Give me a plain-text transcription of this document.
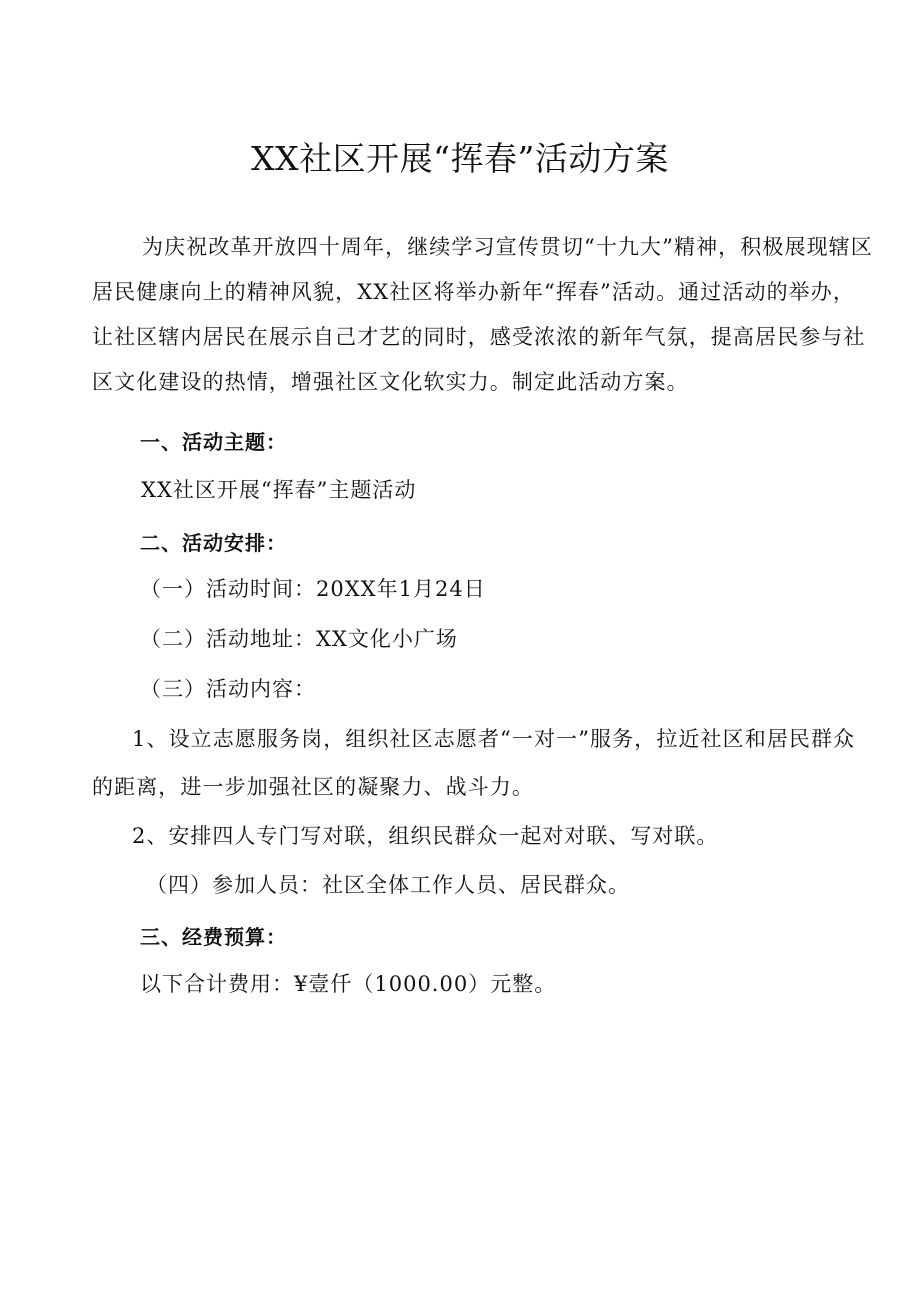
XX社区开展“挥春”活动方案

为庆祝改革开放四十周年，继续学习宣传贯切“十九大”精神，积极展现辖区居民健康向上的精神风貌，XX社区将举办新年“挥春”活动。通过活动的举办，让社区辖内居民在展示自己才艺的同时，感受浓浓的新年气氛，提高居民参与社区文化建设的热情，增强社区文化软实力。制定此活动方案。

一、活动主题：
XX社区开展“挥春”主题活动
二、活动安排：
（一）活动时间：20XX年1月24日
（二）活动地址：XX文化小广场
（三）活动内容：

1、设立志愿服务岗，组织社区志愿者“一对一”服务，拉近社区和居民群众的距离，进一步加强社区的凝聚力、战斗力。

2、安排四人专门写对联，组织民群众一起对对联、写对联。
（四）参加人员：社区全体工作人员、居民群众。
三、经费预算：
以下合计费用：¥壹仟（1000.00）元整。
